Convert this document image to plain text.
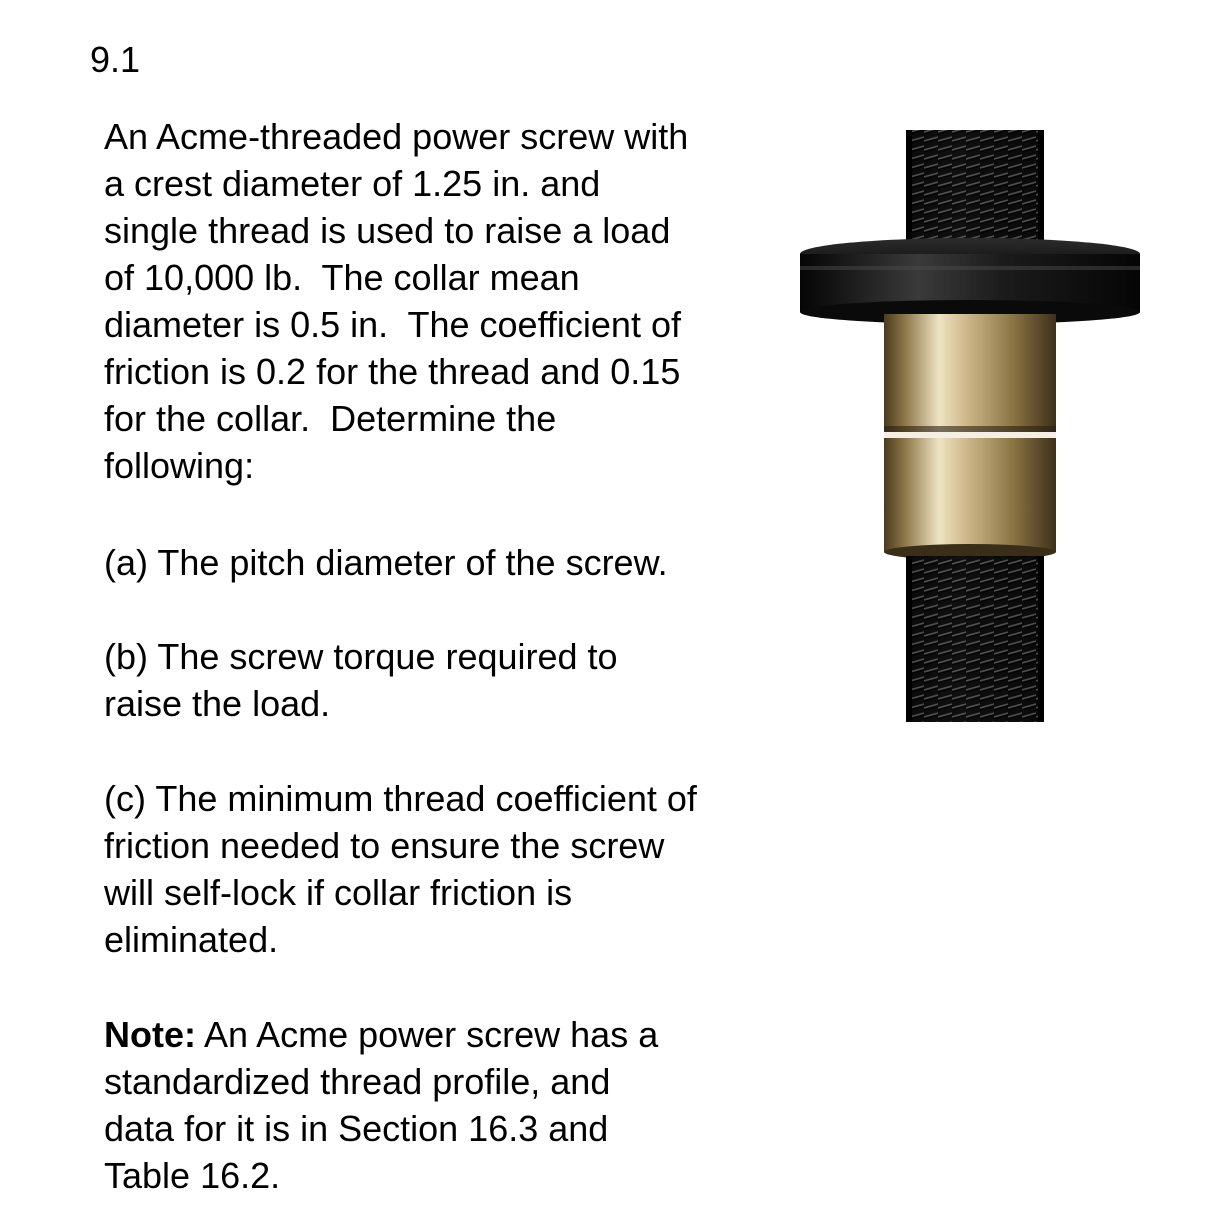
9.1
An Acme-threaded power screw with
a crest diameter of 1.25 in. and
single thread is used to raise a load
of 10,000 lb.  The collar mean
diameter is 0.5 in.  The coefficient of
friction is 0.2 for the thread and 0.15
for the collar.  Determine the
following:
(a) The pitch diameter of the screw.
(b) The screw torque required to
raise the load.
(c) The minimum thread coefficient of
friction needed to ensure the screw
will self-lock if collar friction is
eliminated.
Note: An Acme power screw has a
standardized thread profile, and
data for it is in Section 16.3 and
Table 16.2.
